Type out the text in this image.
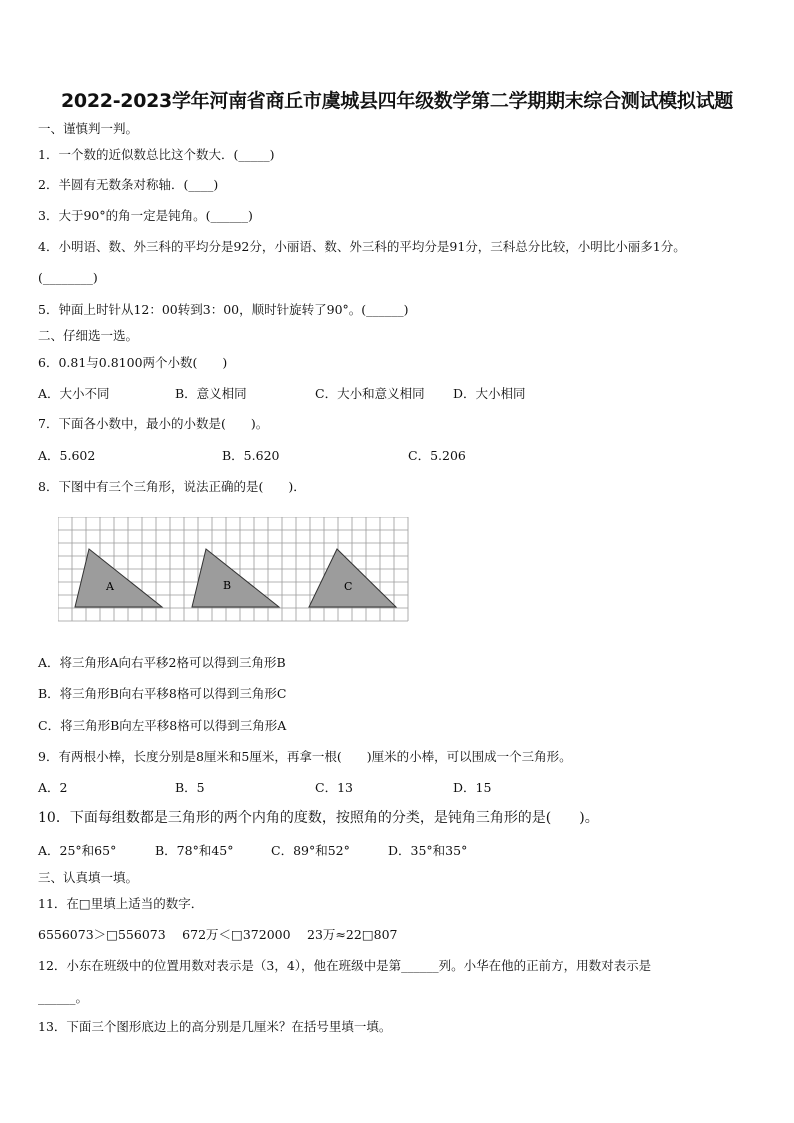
2022-2023学年河南省商丘市虞城县四年级数学第二学期期末综合测试模拟试题
一、谨慎判一判。
1．一个数的近似数总比这个数大．(_____)
2．半圆有无数条对称轴．(____)
3．大于90°的角一定是钝角。(______)
4．小明语、数、外三科的平均分是92分，小丽语、数、外三科的平均分是91分，三科总分比较，小明比小丽多1分。
(________)
5．钟面上时针从12：00转到3：00，顺时针旋转了90°。(______)
二、仔细选一选。
6．0.81与0.8100两个小数(　　)
A．大小不同	B．意义相同	C．大小和意义相同 D．大小相同
7．下面各小数中，最小的小数是(　　)。
A．5.602	B．5.620	C．5.206
8．下图中有三个三角形，说法正确的是(　　)．
A	B	C
A．将三角形A向右平移2格可以得到三角形B
B．将三角形B向右平移8格可以得到三角形C
C．将三角形B向左平移8格可以得到三角形A
9．有两根小棒，长度分别是8厘米和5厘米，再拿一根(　　)厘米的小棒，可以围成一个三角形。
A．2	B．5	C．13	D．15
10．下面每组数都是三角形的两个内角的度数，按照角的分类，是钝角三角形的是(　　)。
A．25°和65°	B．78°和45°	C．89°和52°	D．35°和35°
三、认真填一填。
11．在□里填上适当的数字．
6556073＞□556073　 672万＜□372000　 23万≈22□807
12．小东在班级中的位置用数对表示是（3，4），他在班级中是第______列。小华在他的正前方，用数对表示是
______。
13．下面三个图形底边上的高分别是几厘米？在括号里填一填。
